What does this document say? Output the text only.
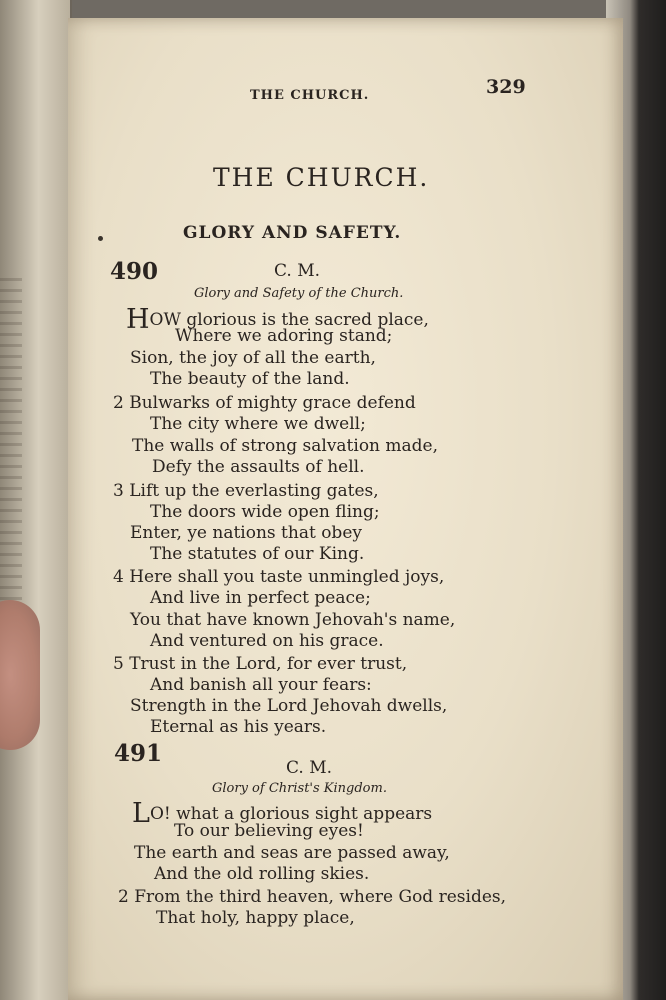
THE CHURCH.	329
THE CHURCH.
GLORY AND SAFETY.
490	C. M.
Glory and Safety of the Church.
HOW glorious is the sacred place,
Where we adoring stand;
Sion, the joy of all the earth,
The beauty of the land.
2 Bulwarks of mighty grace defend
The city where we dwell;
The walls of strong salvation made,
Defy the assaults of hell.
3 Lift up the everlasting gates,
The doors wide open fling;
Enter, ye nations that obey
The statutes of our King.
4 Here shall you taste unmingled joys,
And live in perfect peace;
You that have known Jehovah's name,
And ventured on his grace.
5 Trust in the Lord, for ever trust,
And banish all your fears:
Strength in the Lord Jehovah dwells,
Eternal as his years.
491
C. M.
Glory of Christ's Kingdom.
LO! what a glorious sight appears
To our believing eyes!
The earth and seas are passed away,
And the old rolling skies.
2 From the third heaven, where God resides,
That holy, happy place,
